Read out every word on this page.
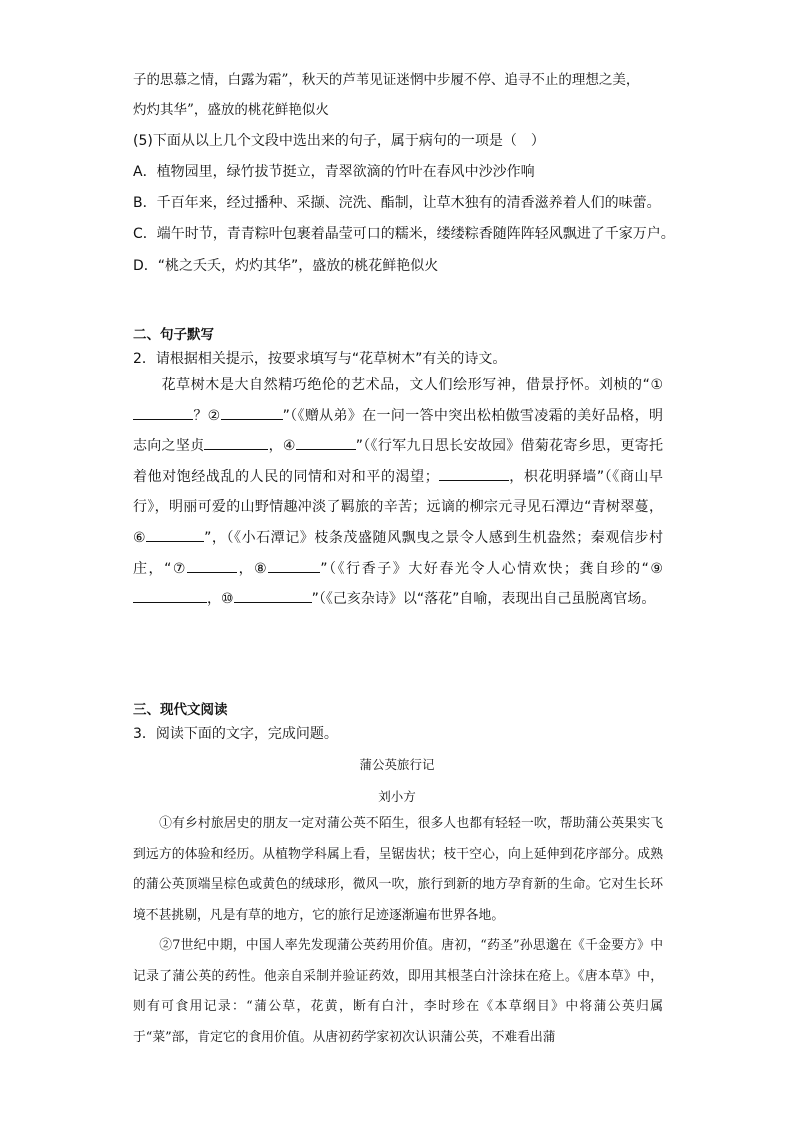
子的思慕之情，白露为霜”，秋天的芦苇见证迷惘中步履不停、追寻不止的理想之美，
灼灼其华”，盛放的桃花鲜艳似火
(5)下面从以上几个文段中选出来的句子，属于病句的一项是（　）
A．植物园里，绿竹拔节挺立，青翠欲滴的竹叶在春风中沙沙作响
B．千百年来，经过播种、采撷、浣洗、酯制，让草木独有的清香滋养着人们的味蕾。
C．端午时节，青青粽叶包裹着晶莹可口的糯米，缕缕粽香随阵阵轻风飘进了千家万户。
D．“桃之夭夭，灼灼其华”，盛放的桃花鲜艳似火
二、句子默写
2．请根据相关提示，按要求填写与“花草树木”有关的诗文。
花草树木是大自然精巧绝伦的艺术品，文人们绘形写神，借景抒怀。刘桢的“①？②	”（《赠从弟》在一问一答中突出松柏傲雪凌霜的美好品格，明志向之坚贞	，④	”（《行军九日思长安故园》借菊花寄乡思，更寄托着他对饱经战乱的人民的同情和对和平的渴望；	，枳花明驿墙”（《商山早行》，明丽可爱的山野情趣冲淡了羁旅的辛苦；远谪的柳宗元寻见石潭边“青树翠蔓，⑥	”，（《小石潭记》枝条茂盛随风飘曳之景令人感到生机盎然；秦观信步村庄，“⑦	，⑧	”（《行香子》大好春光令人心情欢快；龚自珍的“⑨，⑩	”（《己亥杂诗》以“落花”自喻，表现出自己虽脱离官场。
三、现代文阅读
3．阅读下面的文字，完成问题。
蒲公英旅行记
刘小方
①有乡村旅居史的朋友一定对蒲公英不陌生，很多人也都有轻轻一吹，帮助蒲公英果实飞到远方的体验和经历。从植物学科属上看，呈锯齿状；枝干空心，向上延伸到花序部分。成熟的蒲公英顶端呈棕色或黄色的绒球形，微风一吹，旅行到新的地方孕育新的生命。它对生长环境不甚挑剔，凡是有草的地方，它的旅行足迹逐渐遍布世界各地。
②7世纪中期，中国人率先发现蒲公英药用价值。唐初，“药圣”孙思邈在《千金要方》中记录了蒲公英的药性。他亲自采制并验证药效，即用其根茎白汁涂抹在疮上。《唐本草》中，则有可食用记录：“蒲公草，花黄，断有白汁，李时珍在《本草纲目》中将蒲公英归属于“菜”部，肯定它的食用价值。从唐初药学家初次认识蒲公英，不难看出蒲
